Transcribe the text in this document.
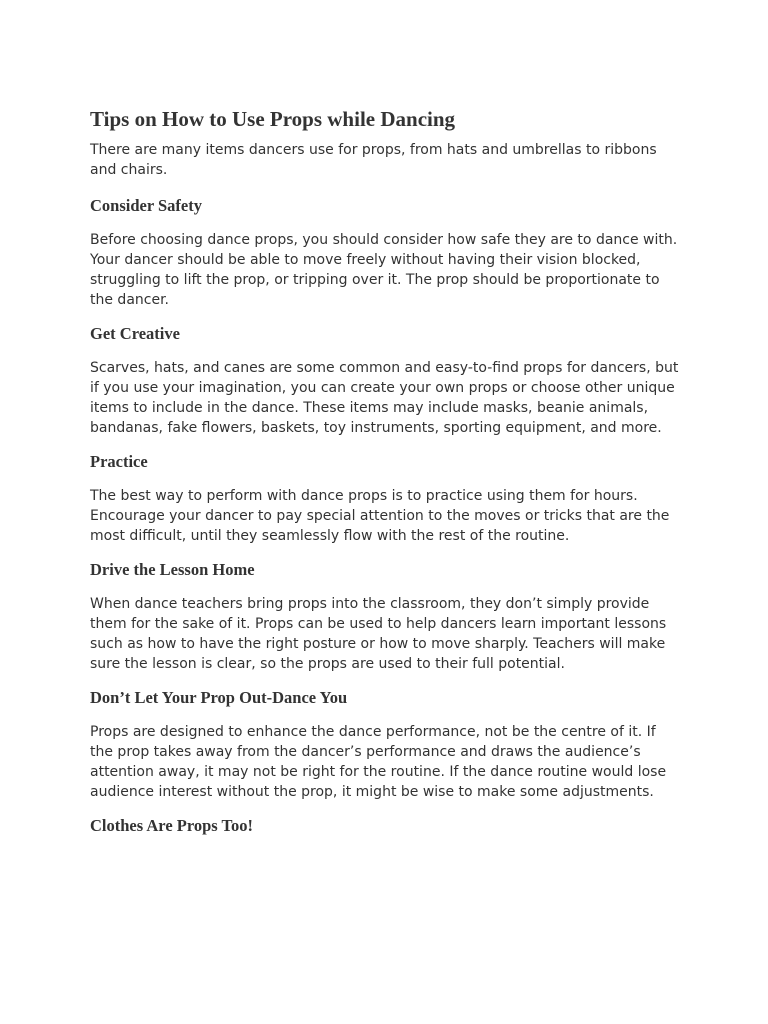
Tips on How to Use Props while Dancing

There are many items dancers use for props, from hats and umbrellas to ribbons and chairs.

Consider Safety

Before choosing dance props, you should consider how safe they are to dance with. Your dancer should be able to move freely without having their vision blocked, struggling to lift the prop, or tripping over it. The prop should be proportionate to the dancer.

Get Creative

Scarves, hats, and canes are some common and easy-to-find props for dancers, but if you use your imagination, you can create your own props or choose other unique items to include in the dance. These items may include masks, beanie animals, bandanas, fake flowers, baskets, toy instruments, sporting equipment, and more.

Practice

The best way to perform with dance props is to practice using them for hours. Encourage your dancer to pay special attention to the moves or tricks that are the most difficult, until they seamlessly flow with the rest of the routine.

Drive the Lesson Home

When dance teachers bring props into the classroom, they don’t simply provide them for the sake of it. Props can be used to help dancers learn important lessons such as how to have the right posture or how to move sharply. Teachers will make sure the lesson is clear, so the props are used to their full potential.

Don’t Let Your Prop Out-Dance You

Props are designed to enhance the dance performance, not be the centre of it. If the prop takes away from the dancer’s performance and draws the audience’s attention away, it may not be right for the routine. If the dance routine would lose audience interest without the prop, it might be wise to make some adjustments.

Clothes Are Props Too!
